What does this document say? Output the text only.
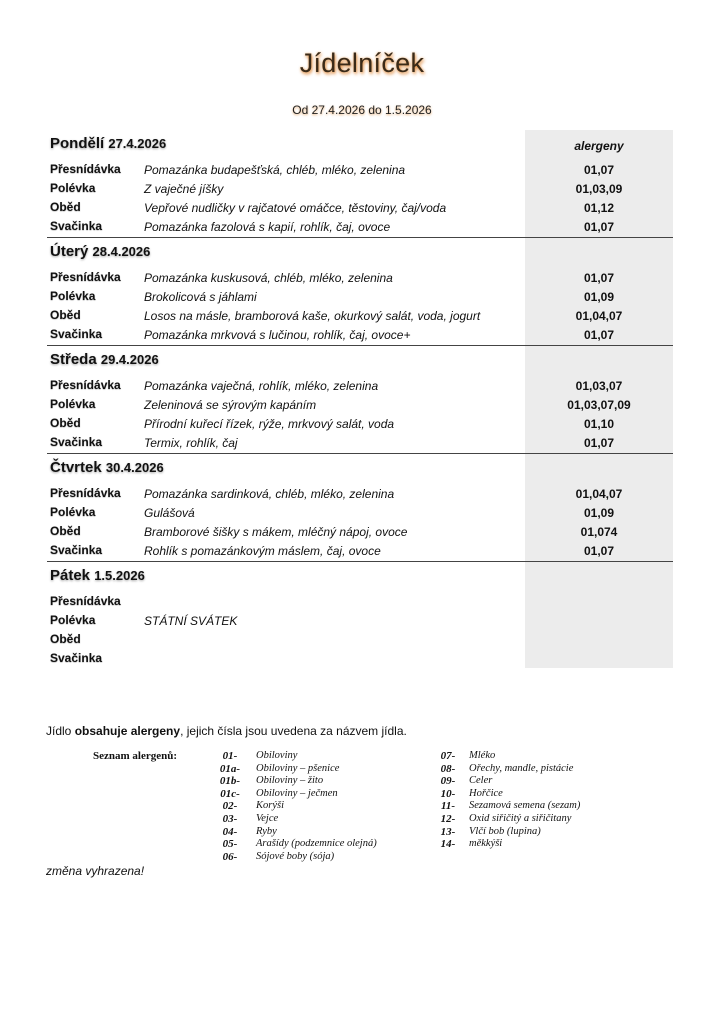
Jídelníček
Od 27.4.2026 do 1.5.2026
Pondělí 27.4.2026	alergeny
Přesnídávka Pomazánka budapešťská, chléb, mléko, zelenina	01,07
Polévka	Z vaječné jíšky	01,03,09
Oběd	Vepřové nudličky v rajčatové omáčce, těstoviny, čaj/voda	01,12
Svačinka	Pomazánka fazolová s kapií, rohlík, čaj, ovoce	01,07
Úterý 28.4.2026
Přesnídávka Pomazánka kuskusová, chléb, mléko, zelenina	01,07
Polévka	Brokolicová s jáhlami	01,09
Oběd	Losos na másle, bramborová kaše, okurkový salát, voda, jogurt	01,04,07
Svačinka	Pomazánka mrkvová s lučinou, rohlík, čaj, ovoce+	01,07
Středa 29.4.2026
Přesnídávka Pomazánka vaječná, rohlík, mléko, zelenina	01,03,07
Polévka	Zeleninová se sýrovým kapáním	01,03,07,09
Oběd	Přírodní kuřecí řízek, rýže, mrkvový salát, voda	01,10
Svačinka	Termix, rohlík, čaj	01,07
Čtvrtek 30.4.2026
Přesnídávka Pomazánka sardinková, chléb, mléko, zelenina	01,04,07
Polévka	Gulášová	01,09
Oběd	Bramborové šišky s mákem, mléčný nápoj, ovoce	01,074
Svačinka	Rohlík s pomazánkovým máslem, čaj, ovoce	01,07
Pátek 1.5.2026
Přesnídávka
Polévka	STÁTNÍ SVÁTEK
Oběd
Svačinka
Jídlo obsahuje alergeny, jejich čísla jsou uvedena za názvem jídla.
Seznam alergenů:	01-	Obiloviny
01a-	Obiloviny – pšenice
01b-	Obiloviny – žito
01c-	Obiloviny – ječmen
02-	Korýši
03-	Vejce
04-	Ryby
05-	Arašídy (podzemnice olejná)
06-	Sójové boby (sója)
07-	Mléko
08-	Ořechy, mandle, pistácie
09-	Celer
10-	Hořčice
11-	Sezamová semena (sezam)
12-	Oxid siřičitý a siřičitany
13-	Vlčí bob (lupina)
14-	měkkýši
změna vyhrazena!
